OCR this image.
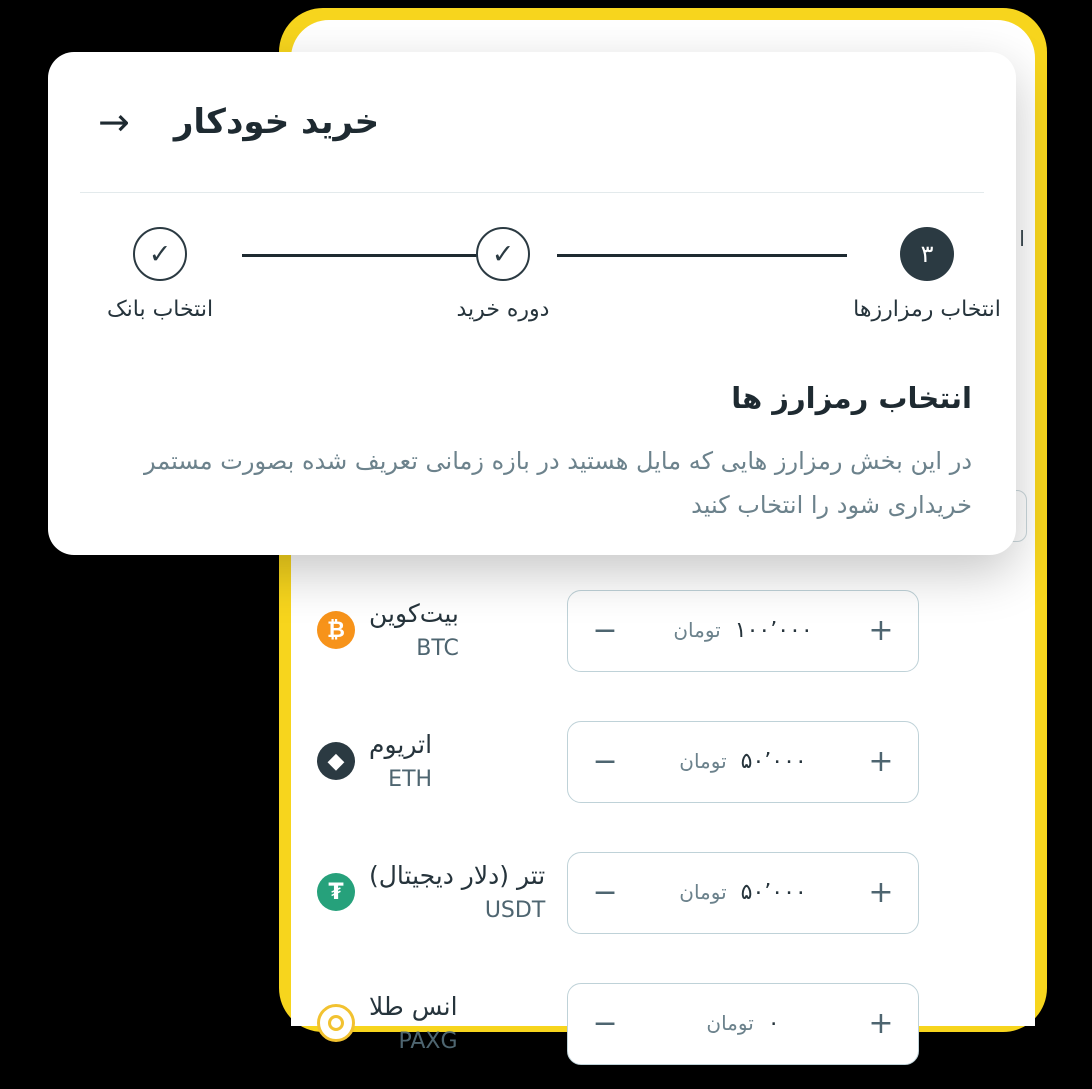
ا
₿
بیت‌کوین
BTC
+
۱۰۰٬۰۰۰
تومان
−
◆
اتریوم
ETH
+
۵۰٬۰۰۰
تومان
−
₮
تتر (دلار دیجیتال)
USDT
+
۵۰٬۰۰۰
تومان
−
انس طلا
PAXG
+
۰
تومان
−
خرید خودکار
→
۳
✓
✓
انتخاب رمزارزها
دوره خرید
انتخاب بانک
انتخاب رمزارز ها
در این بخش رمزارز هایی که مایل هستید در بازه زمانی تعریف شده بصورت مستمر خریداری شود را انتخاب کنید
